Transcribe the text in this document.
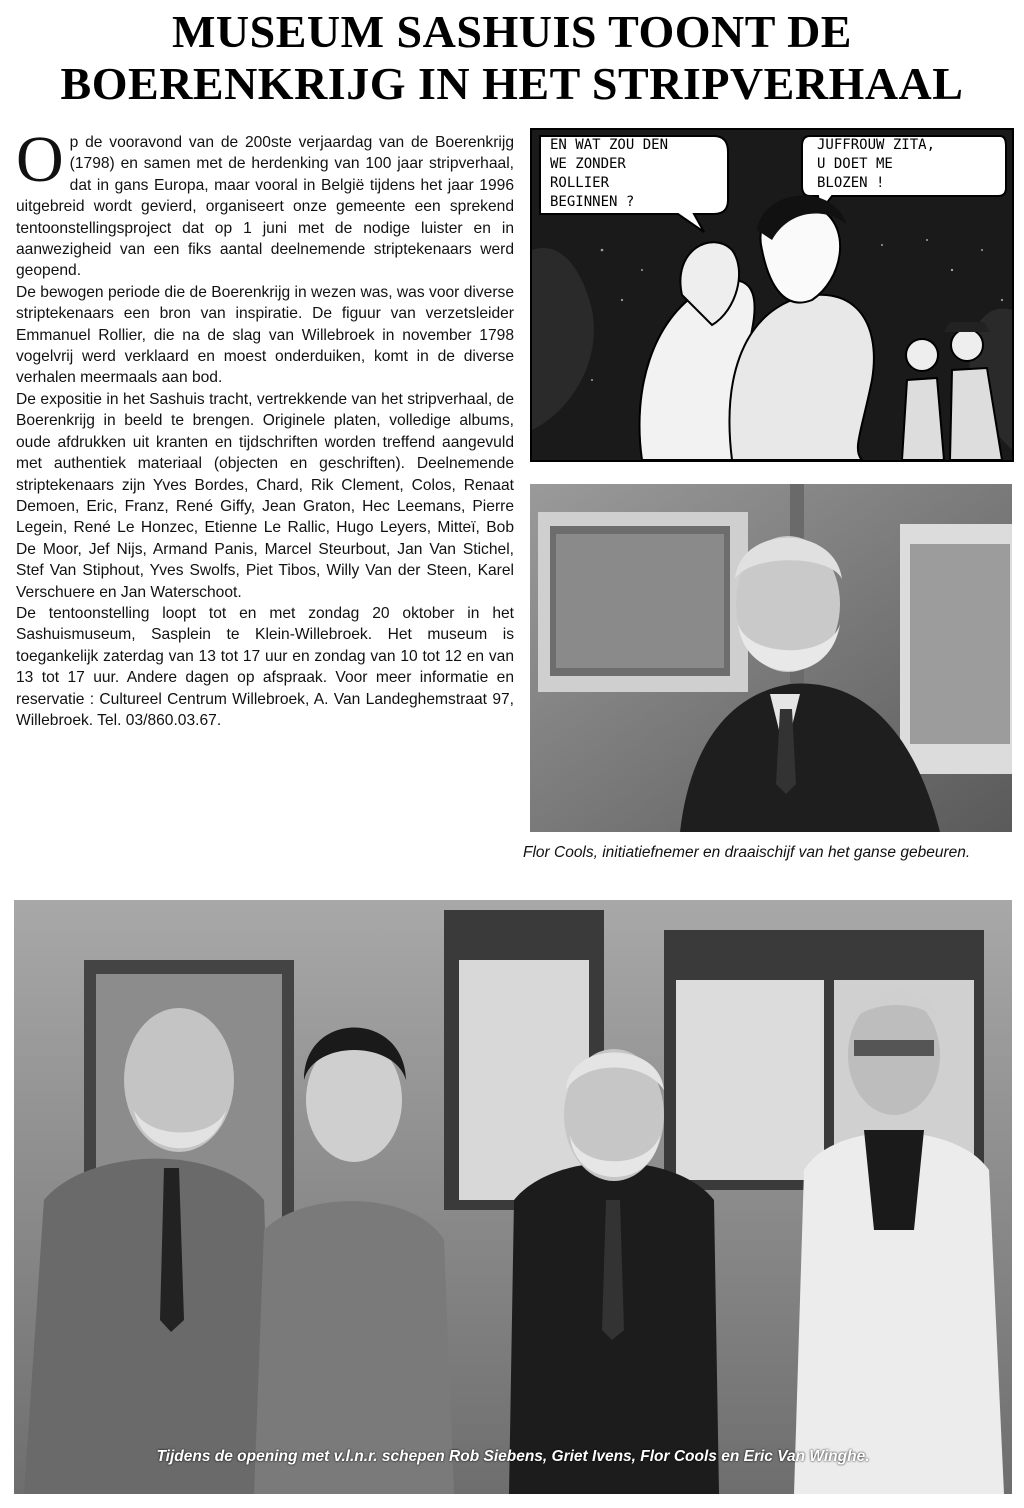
MUSEUM SASHUIS TOONT DE
BOERENKRIJG IN HET STRIPVERHAAL

Op de vooravond van de 200ste verjaardag van de Boerenkrijg (1798) en samen met de herdenking van 100 jaar stripverhaal, dat in gans Europa, maar vooral in België tijdens het jaar 1996 uitgebreid wordt gevierd, organiseert onze gemeente een sprekend tentoonstellingsproject dat op 1 juni met de nodige luister en in aanwezigheid van een fiks aantal deelnemende striptekenaars werd geopend.

De bewogen periode die de Boerenkrijg in wezen was, was voor diverse striptekenaars een bron van inspiratie. De figuur van verzetsleider Emmanuel Rollier, die na de slag van Willebroek in november 1798 vogelvrij werd verklaard en moest onderduiken, komt in de diverse verhalen meermaals aan bod.

De expositie in het Sashuis tracht, vertrekkende van het stripverhaal, de Boerenkrijg in beeld te brengen. Originele platen, volledige albums, oude afdrukken uit kranten en tijdschriften worden treffend aangevuld met authentiek materiaal (objecten en geschriften). Deelnemende striptekenaars zijn Yves Bordes, Chard, Rik Clement, Colos, Renaat Demoen, Eric, Franz, René Giffy, Jean Graton, Hec Leemans, Pierre Legein, René Le Honzec, Etienne Le Rallic, Hugo Leyers, Mitteï, Bob De Moor, Jef Nijs, Armand Panis, Marcel Steurbout, Jan Van Stichel, Stef Van Stiphout, Yves Swolfs, Piet Tibos, Willy Van der Steen, Karel Verschuere en Jan Waterschoot.

De tentoonstelling loopt tot en met zondag 20 oktober in het Sashuismuseum, Sasplein te Klein-Willebroek. Het museum is toegankelijk zaterdag van 13 tot 17 uur en zondag van 10 tot 12 en van 13 tot 17 uur. Andere dagen op afspraak. Voor meer informatie en reservatie : Cultureel Centrum Willebroek, A. Van Landeghemstraat 97, Willebroek. Tel. 03/860.03.67.

EN WAT ZOU DEN
WE ZONDER
ROLLIER
BEGINNEN ?
JUFFROUW ZITA,
U DOET ME
BLOZEN !
Flor Cools, initiatiefnemer en draaischijf van het ganse gebeuren.
Tijdens de opening met v.l.n.r. schepen Rob Siebens, Griet Ivens, Flor Cools en Eric Van Winghe.
